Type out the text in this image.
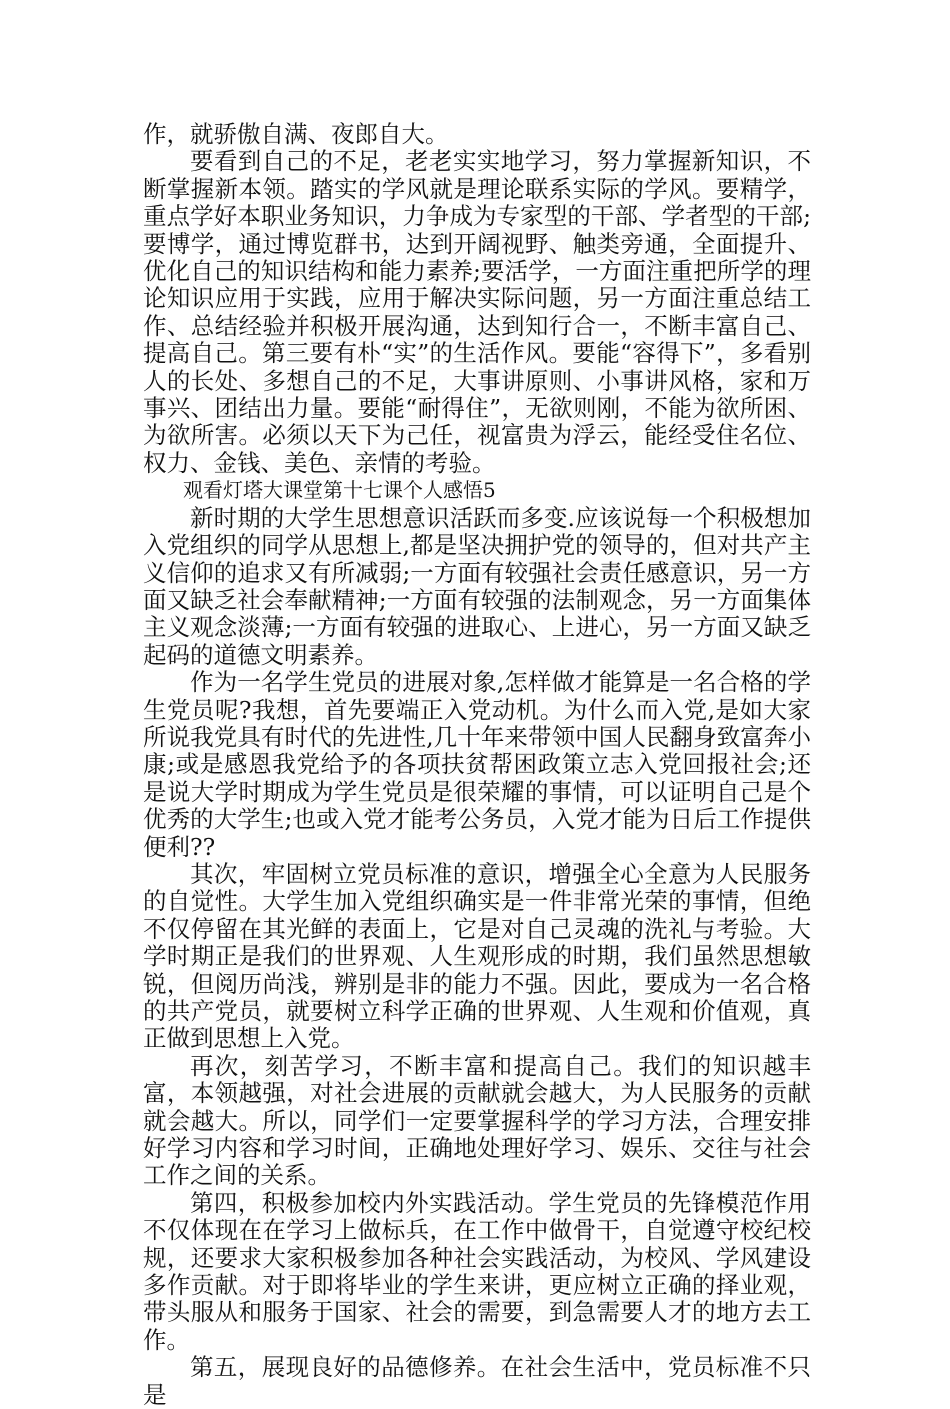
作，就骄傲自满、夜郎自大。

要看到自己的不足，老老实实地学习，努力掌握新知识，不断掌握新本领。踏实的学风就是理论联系实际的学风。要精学，重点学好本职业务知识，力争成为专家型的干部、学者型的干部;要博学，通过博览群书，达到开阔视野、触类旁通，全面提升、优化自己的知识结构和能力素养;要活学，一方面注重把所学的理论知识应用于实践，应用于解决实际问题，另一方面注重总结工作、总结经验并积极开展沟通，达到知行合一，不断丰富自己、提高自己。第三要有朴“实”的生活作风。要能“容得下”，多看别人的长处、多想自己的不足，大事讲原则、小事讲风格，家和万事兴、团结出力量。要能“耐得住”，无欲则刚，不能为欲所困、为欲所害。必须以天下为己任，视富贵为浮云，能经受住名位、权力、金钱、美色、亲情的考验。

观看灯塔大课堂第十七课个人感悟5

新时期的大学生思想意识活跃而多变.应该说每一个积极想加入党组织的同学从思想上,都是坚决拥护党的领导的，但对共产主义信仰的追求又有所减弱;一方面有较强社会责任感意识，另一方面又缺乏社会奉献精神;一方面有较强的法制观念，另一方面集体主义观念淡薄;一方面有较强的进取心、上进心，另一方面又缺乏起码的道德文明素养。

作为一名学生党员的进展对象,怎样做才能算是一名合格的学生党员呢?我想，首先要端正入党动机。为什么而入党,是如大家所说我党具有时代的先进性,几十年来带领中国人民翻身致富奔小康;或是感恩我党给予的各项扶贫帮困政策立志入党回报社会;还是说大学时期成为学生党员是很荣耀的事情，可以证明自己是个优秀的大学生;也或入党才能考公务员，入党才能为日后工作提供便利??

其次，牢固树立党员标准的意识，增强全心全意为人民服务的自觉性。大学生加入党组织确实是一件非常光荣的事情，但绝不仅停留在其光鲜的表面上，它是对自己灵魂的洗礼与考验。大学时期正是我们的世界观、人生观形成的时期，我们虽然思想敏锐，但阅历尚浅，辨别是非的能力不强。因此，要成为一名合格的共产党员，就要树立科学正确的世界观、人生观和价值观，真正做到思想上入党。

再次，刻苦学习，不断丰富和提高自己。我们的知识越丰富，本领越强，对社会进展的贡献就会越大，为人民服务的贡献就会越大。所以，同学们一定要掌握科学的学习方法，合理安排好学习内容和学习时间，正确地处理好学习、娱乐、交往与社会工作之间的关系。

第四，积极参加校内外实践活动。学生党员的先锋模范作用不仅体现在在学习上做标兵，在工作中做骨干，自觉遵守校纪校规，还要求大家积极参加各种社会实践活动，为校风、学风建设多作贡献。对于即将毕业的学生来讲，更应树立正确的择业观，带头服从和服务于国家、社会的需要，到急需要人才的地方去工作。

第五，展现良好的品德修养。在社会生活中，党员标准不只是
